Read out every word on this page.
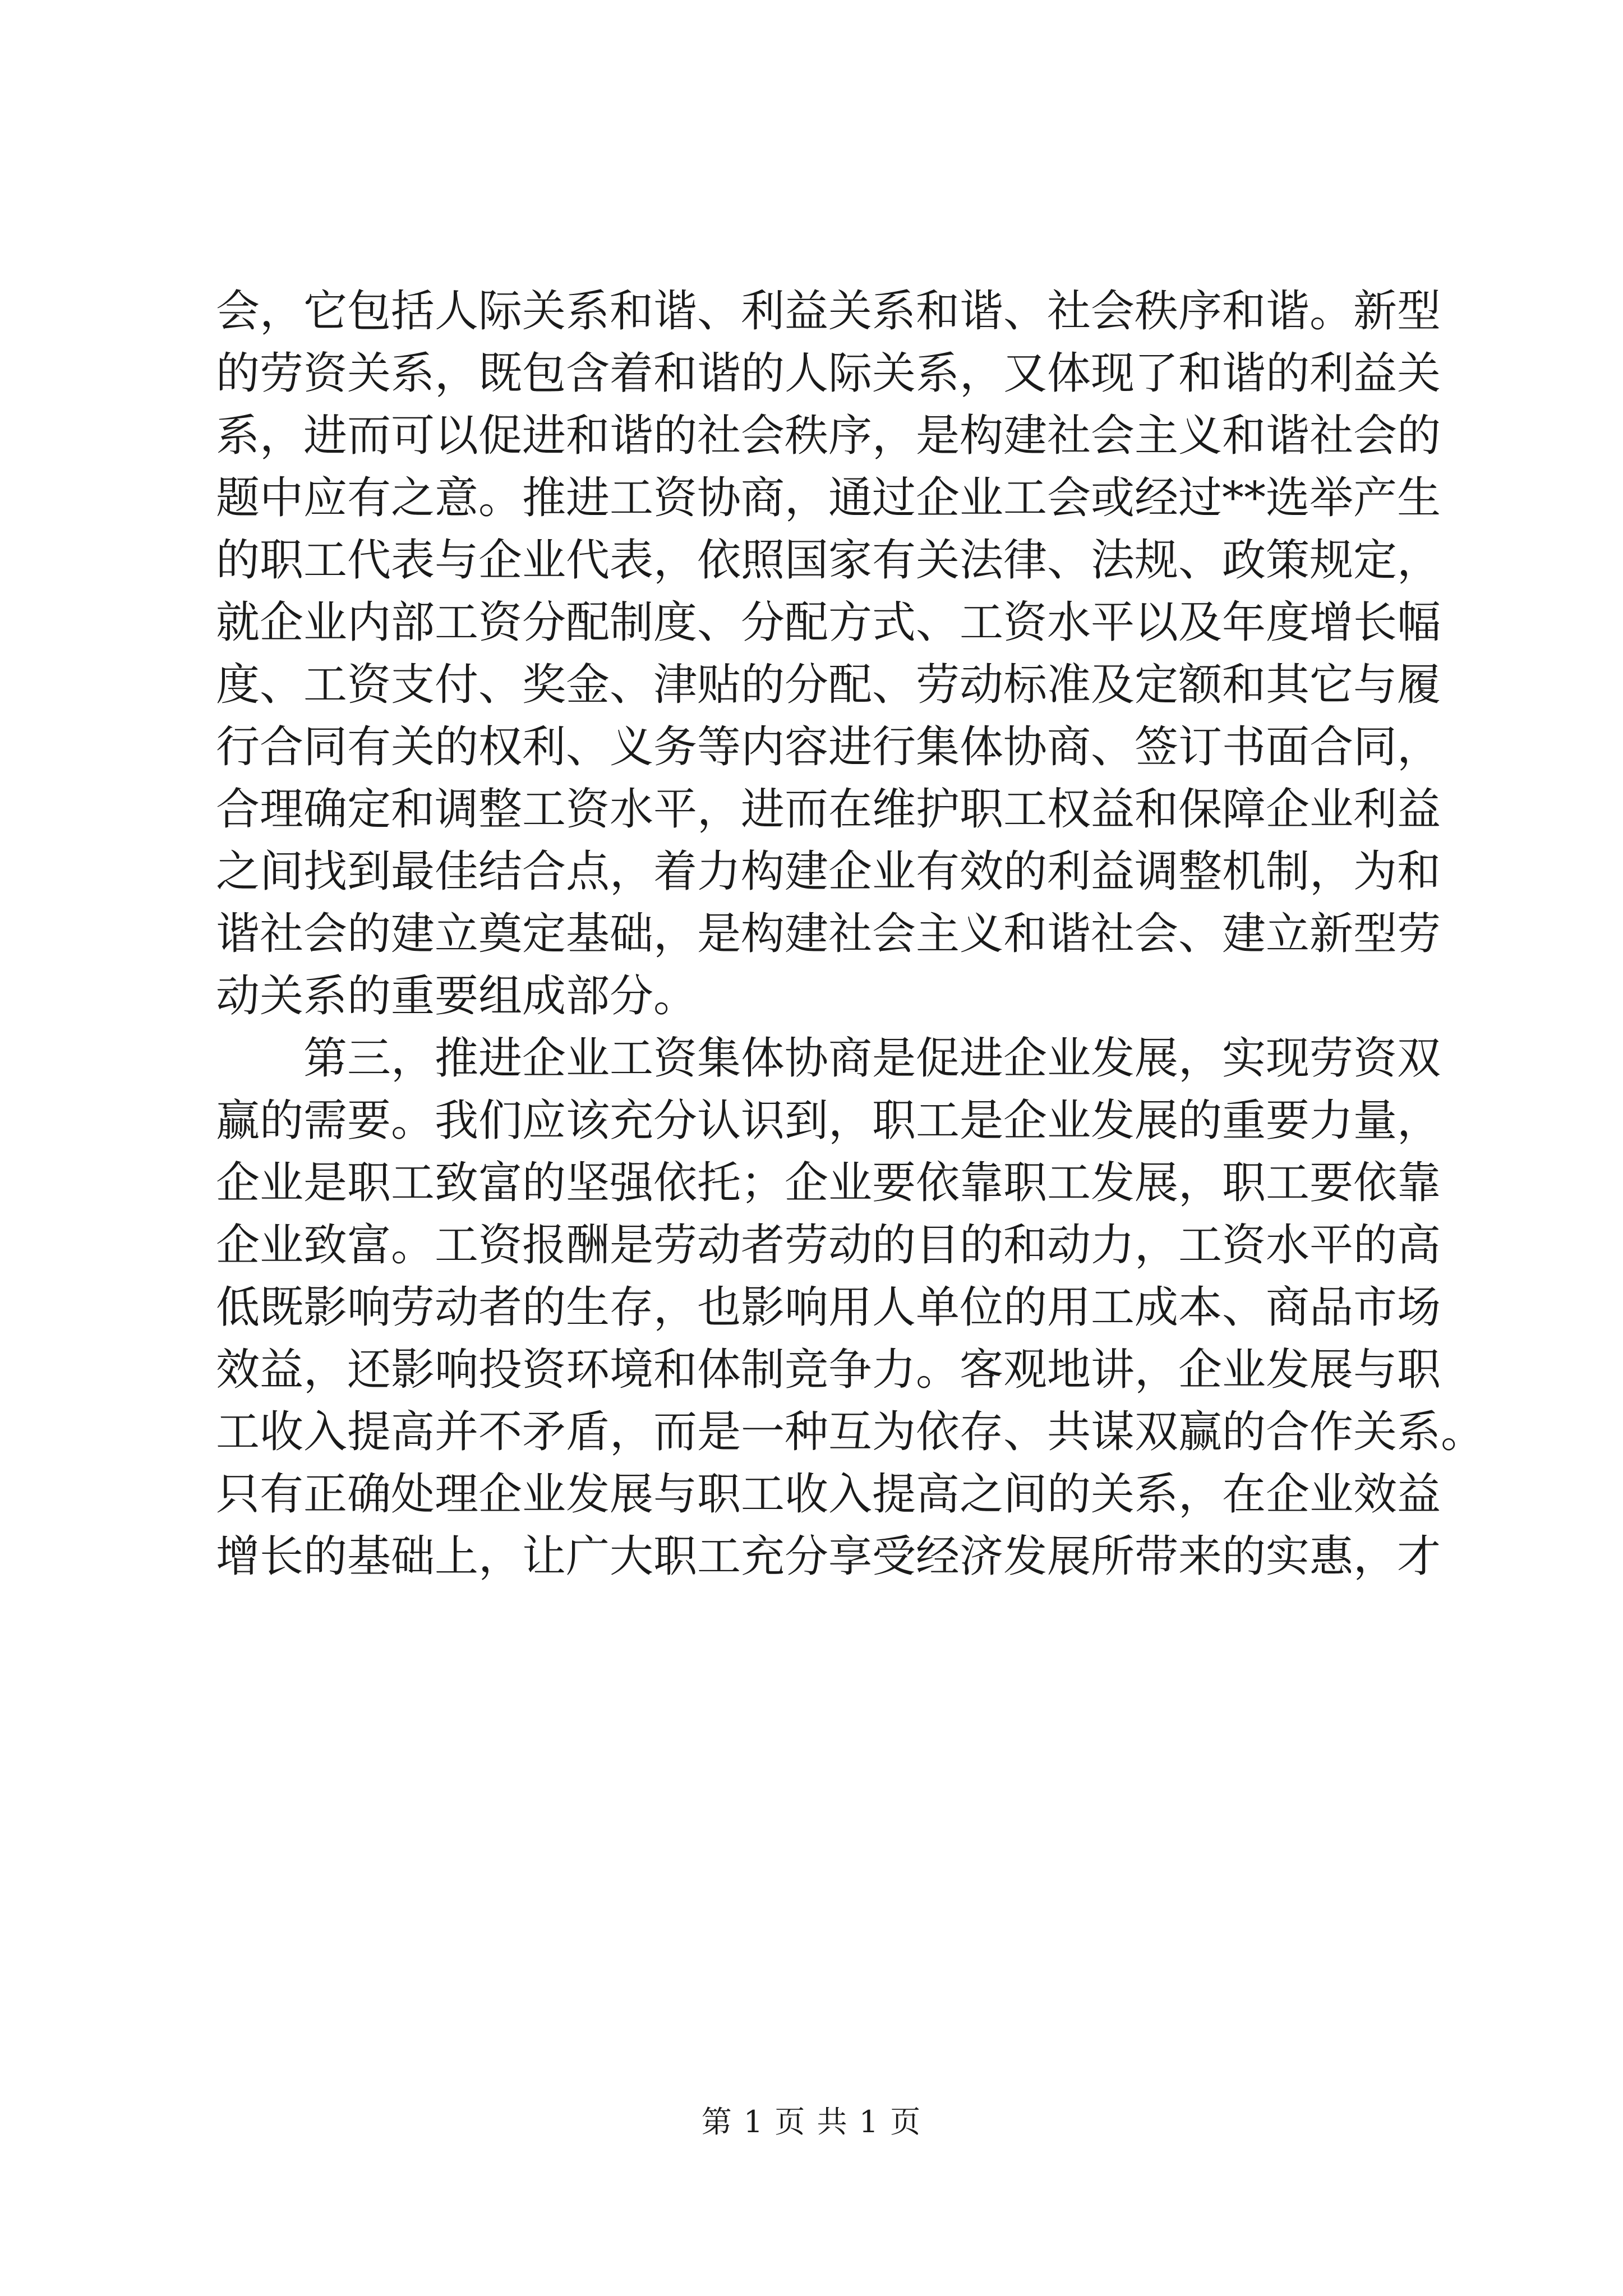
会，它包括人际关系和谐、利益关系和谐、社会秩序和谐。新型
的劳资关系，既包含着和谐的人际关系，又体现了和谐的利益关
系，进而可以促进和谐的社会秩序，是构建社会主义和谐社会的
题中应有之意。推进工资协商，通过企业工会或经过**选举产生
的职工代表与企业代表，依照国家有关法律、法规、政策规定，
就企业内部工资分配制度、分配方式、工资水平以及年度增长幅
度、工资支付、奖金、津贴的分配、劳动标准及定额和其它与履
行合同有关的权利、义务等内容进行集体协商、签订书面合同，
合理确定和调整工资水平，进而在维护职工权益和保障企业利益
之间找到最佳结合点，着力构建企业有效的利益调整机制，为和
谐社会的建立奠定基础，是构建社会主义和谐社会、建立新型劳
动关系的重要组成部分。
第三，推进企业工资集体协商是促进企业发展，实现劳资双
赢的需要。我们应该充分认识到，职工是企业发展的重要力量，
企业是职工致富的坚强依托；企业要依靠职工发展，职工要依靠
企业致富。工资报酬是劳动者劳动的目的和动力，工资水平的高
低既影响劳动者的生存，也影响用人单位的用工成本、商品市场
效益，还影响投资环境和体制竞争力。客观地讲，企业发展与职
工收入提高并不矛盾，而是一种互为依存、共谋双赢的合作关系。
只有正确处理企业发展与职工收入提高之间的关系，在企业效益
增长的基础上，让广大职工充分享受经济发展所带来的实惠，才
第 1 页 共 1 页
